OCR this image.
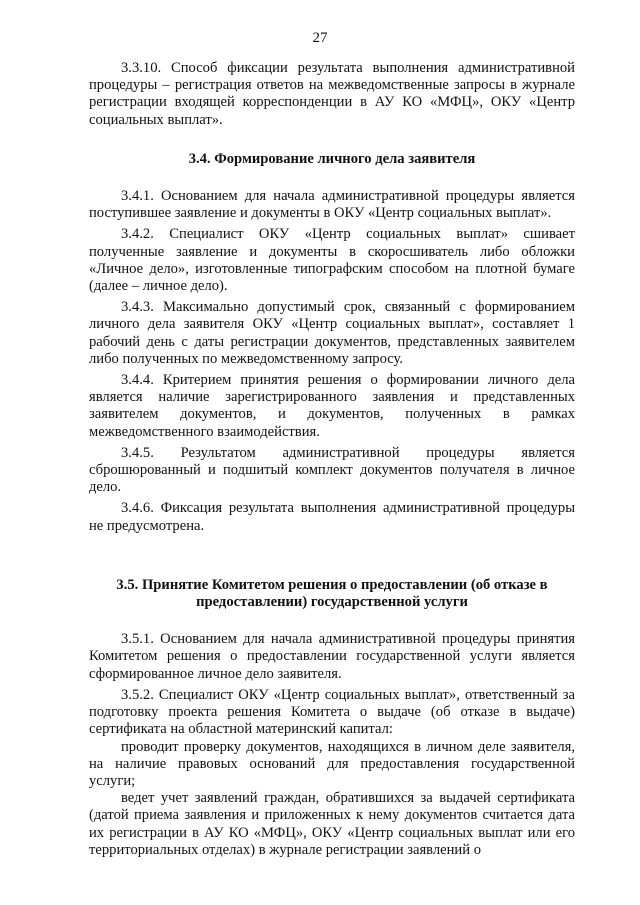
27

3.3.10. Способ фиксации результата выполнения административной процедуры – регистрация ответов на межведомственные запросы в журнале регистрации входящей корреспонденции в АУ КО «МФЦ», ОКУ «Центр социальных выплат».

3.4. Формирование личного дела заявителя

3.4.1. Основанием для начала административной процедуры является поступившее заявление и документы в ОКУ «Центр социальных выплат».

3.4.2. Специалист ОКУ «Центр социальных выплат» сшивает полученные заявление и документы в скоросшиватель либо обложки «Личное дело», изготовленные типографским способом на плотной бумаге (далее – личное дело).

3.4.3. Максимально допустимый срок, связанный с формированием личного дела заявителя ОКУ «Центр социальных выплат», составляет 1 рабочий день с даты регистрации документов, представленных заявителем либо полученных по межведомственному запросу.

3.4.4. Критерием принятия решения о формировании личного дела является наличие зарегистрированного заявления и представленных заявителем документов, и документов, полученных в рамках межведомственного взаимодействия.

3.4.5. Результатом административной процедуры является сброшюрованный и подшитый комплект документов получателя в личное дело.

3.4.6. Фиксация результата выполнения административной процедуры не предусмотрена.

3.5. Принятие Комитетом решения о предоставлении (об отказе в
предоставлении) государственной услуги

3.5.1. Основанием для начала административной процедуры принятия Комитетом решения о предоставлении государственной услуги является сформированное личное дело заявителя.

3.5.2. Специалист ОКУ «Центр социальных выплат», ответственный за подготовку проекта решения Комитета о выдаче (об отказе в выдаче) сертификата на областной материнский капитал:

проводит проверку документов, находящихся в личном деле заявителя, на наличие правовых оснований для предоставления государственной услуги;

ведет учет заявлений граждан, обратившихся за выдачей сертификата (датой приема заявления и приложенных к нему документов считается дата их регистрации в АУ КО «МФЦ», ОКУ «Центр социальных выплат или его территориальных отделах) в журнале регистрации заявлений о
